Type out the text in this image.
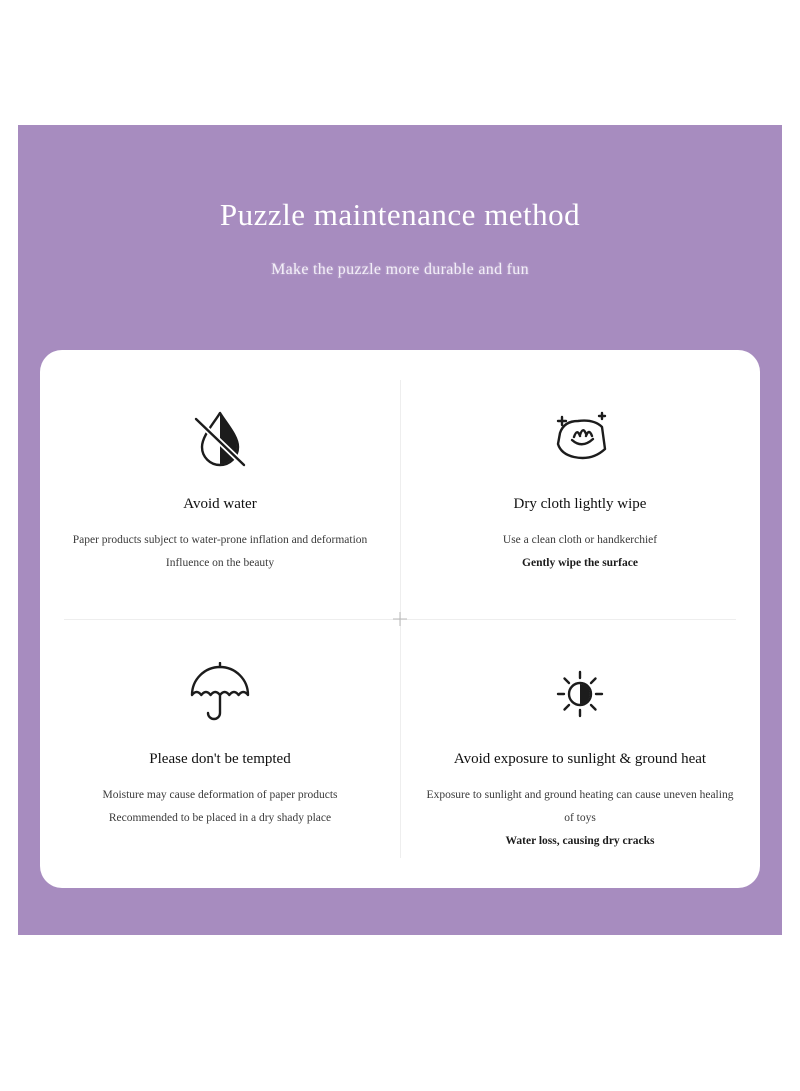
Puzzle maintenance method
Make the puzzle more durable and fun
Avoid water
Paper products subject to water-prone inflation and deformation
Influence on the beauty
Dry cloth lightly wipe
Use a clean cloth or handkerchief
Gently wipe the surface
Please don't be tempted
Moisture may cause deformation of paper products
Recommended to be placed in a dry shady place
Avoid exposure to sunlight & ground heat
Exposure to sunlight and ground heating can cause uneven healing of toys
Water loss, causing dry cracks
